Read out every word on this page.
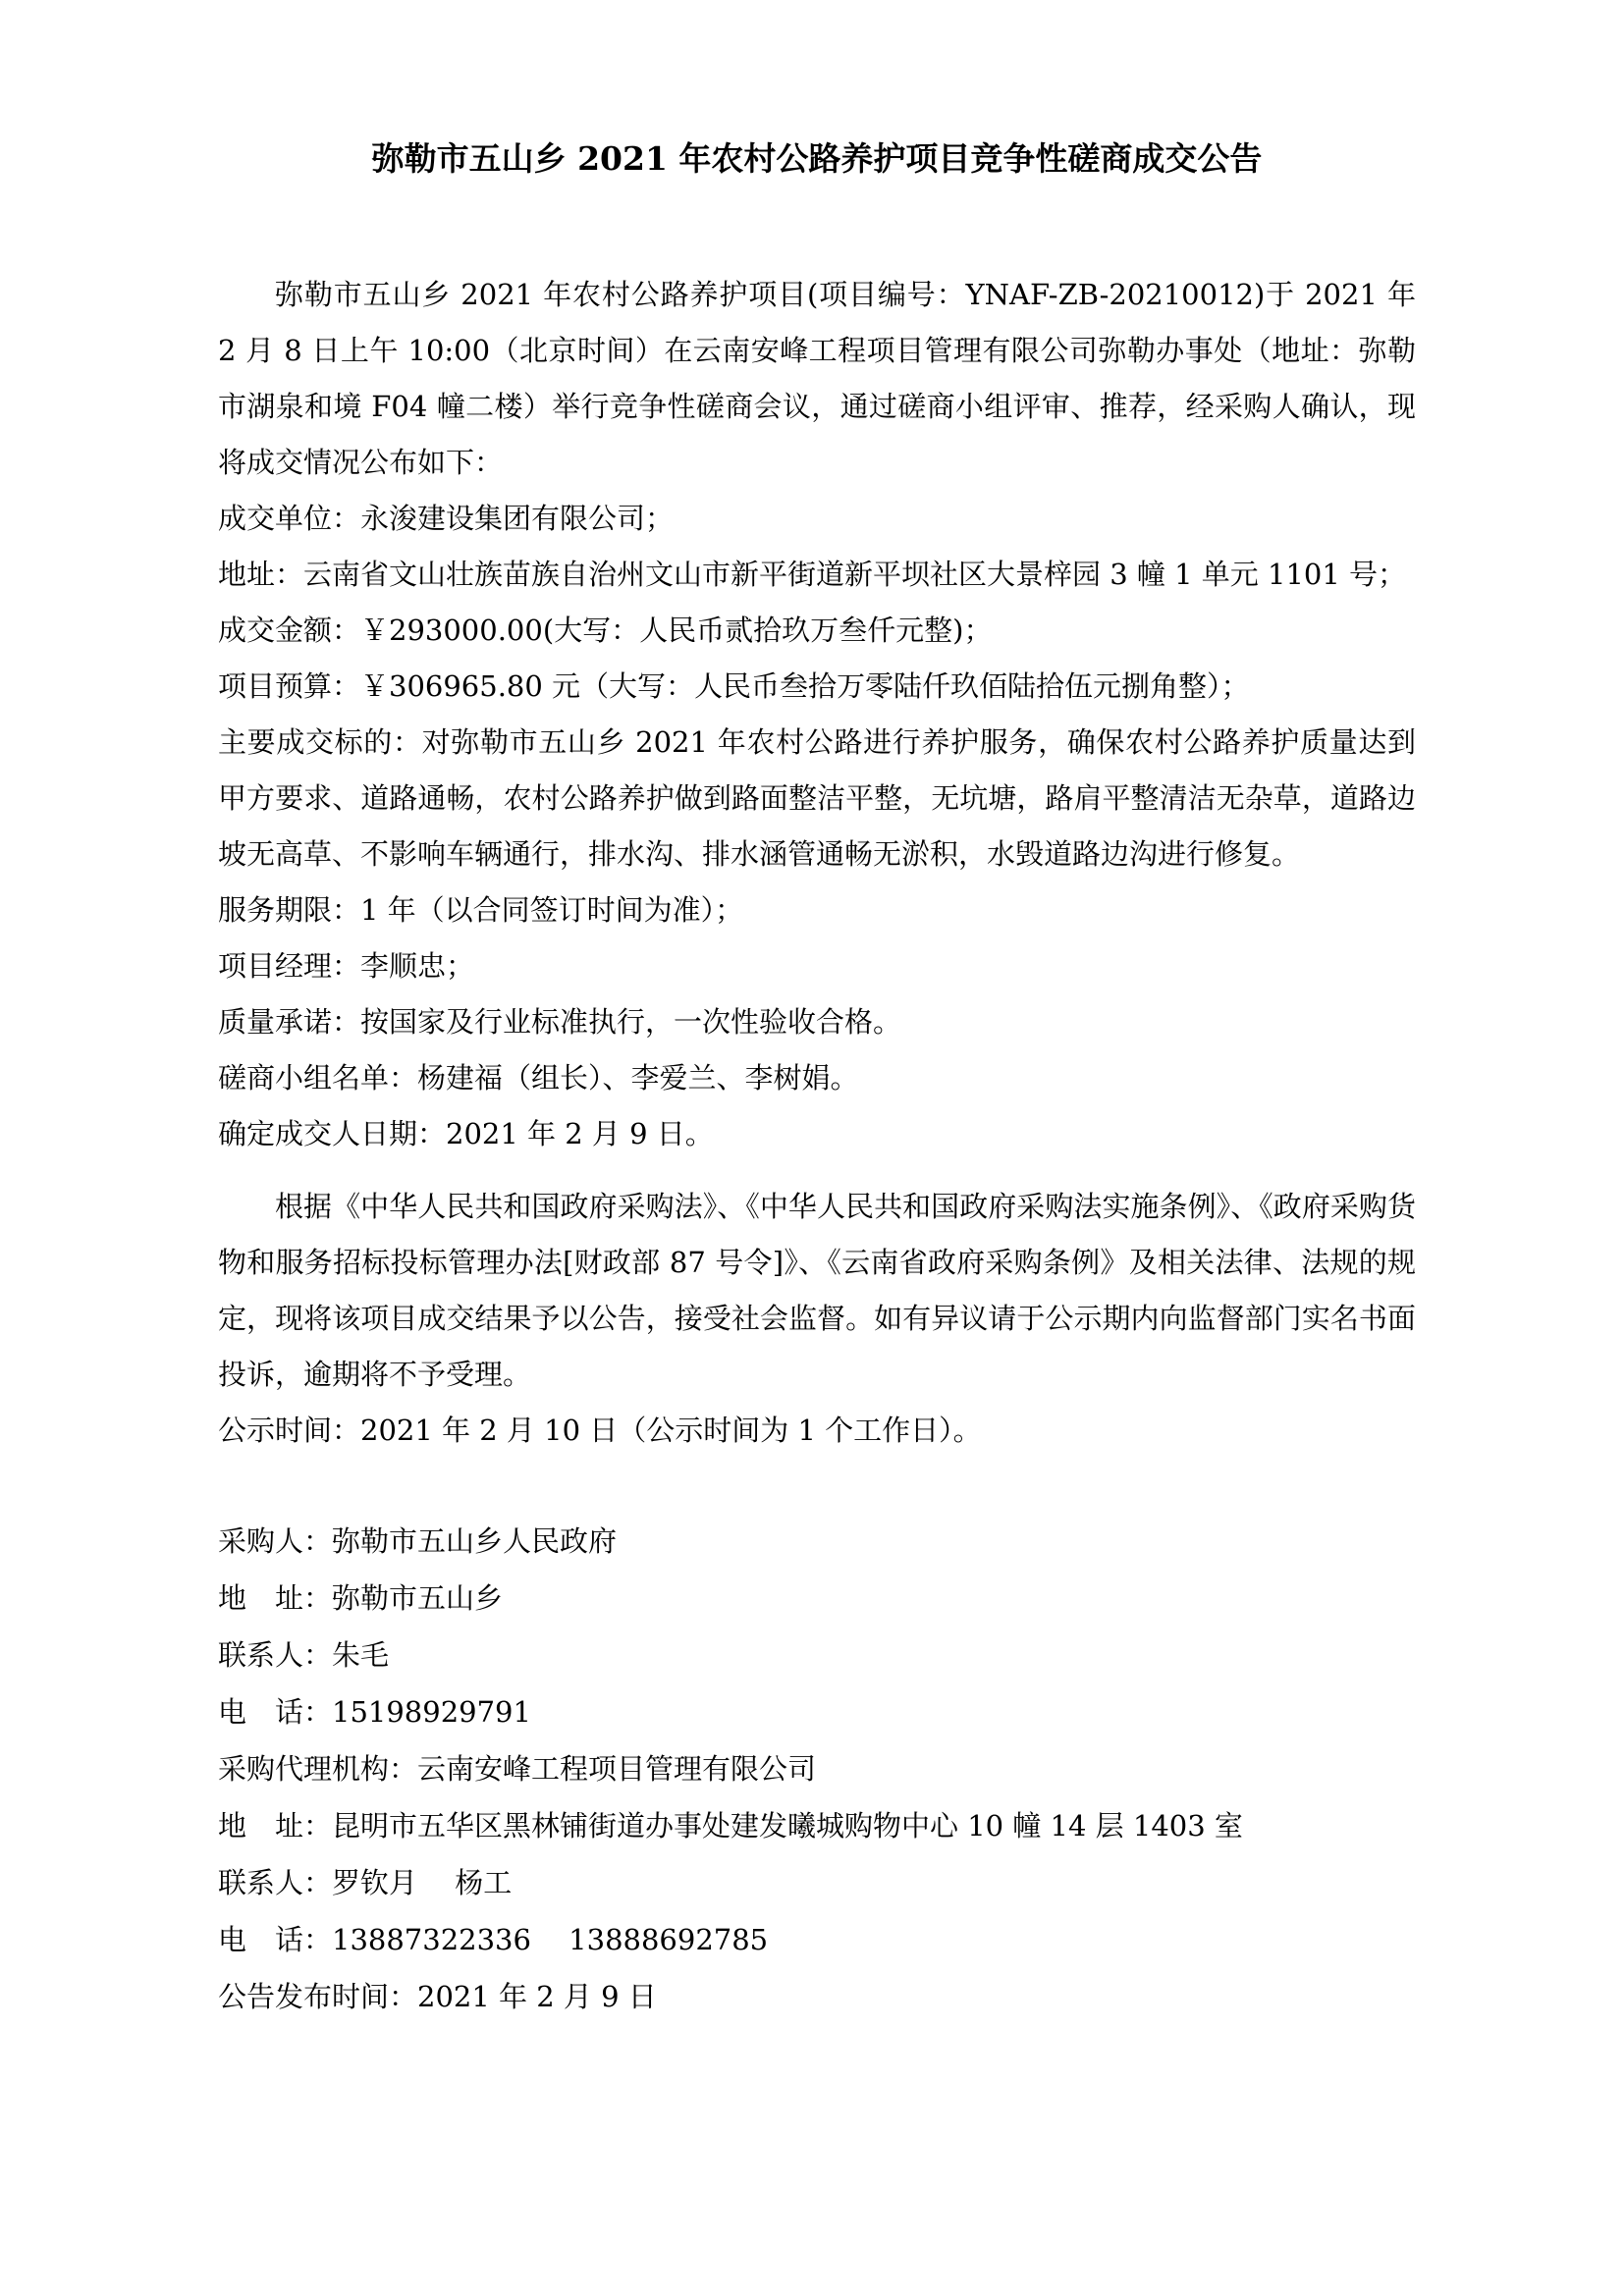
弥勒市五山乡 2021 年农村公路养护项目竞争性磋商成交公告

弥勒市五山乡 2021 年农村公路养护项目(项目编号：YNAF-ZB-20210012)于 2021 年 2 月 8 日上午 10:00（北京时间）在云南安峰工程项目管理有限公司弥勒办事处（地址：弥勒市湖泉和境 F04 幢二楼）举行竞争性磋商会议，通过磋商小组评审、推荐，经采购人确认，现将成交情况公布如下：

成交单位：永浚建设集团有限公司；

地址：云南省文山壮族苗族自治州文山市新平街道新平坝社区大景梓园 3 幢 1 单元 1101 号；

成交金额：￥293000.00(大写：人民币贰拾玖万叁仟元整)；

项目预算：￥306965.80 元（大写：人民币叁拾万零陆仟玖佰陆拾伍元捌角整）；

主要成交标的：对弥勒市五山乡 2021 年农村公路进行养护服务，确保农村公路养护质量达到甲方要求、道路通畅，农村公路养护做到路面整洁平整，无坑塘，路肩平整清洁无杂草，道路边坡无高草、不影响车辆通行，排水沟、排水涵管通畅无淤积，水毁道路边沟进行修复。

服务期限：1 年（以合同签订时间为准）；

项目经理：李顺忠；

质量承诺：按国家及行业标准执行，一次性验收合格。

磋商小组名单：杨建福（组长）、李爱兰、李树娟。

确定成交人日期：2021 年 2 月 9 日。

根据《中华人民共和国政府采购法》、《中华人民共和国政府采购法实施条例》、《政府采购货物和服务招标投标管理办法[财政部 87 号令]》、《云南省政府采购条例》及相关法律、法规的规定，现将该项目成交结果予以公告，接受社会监督。如有异议请于公示期内向监督部门实名书面投诉，逾期将不予受理。

公示时间：2021 年 2 月 10 日（公示时间为 1 个工作日）。

采购人：弥勒市五山乡人民政府

地　址：弥勒市五山乡

联系人：朱毛

电　话：15198929791

采购代理机构：云南安峰工程项目管理有限公司

地　址：昆明市五华区黑林铺街道办事处建发曦城购物中心 10 幢 14 层 1403 室

联系人：罗钦月　 杨工

电　话：13887322336　 13888692785

公告发布时间：2021 年 2 月 9 日
